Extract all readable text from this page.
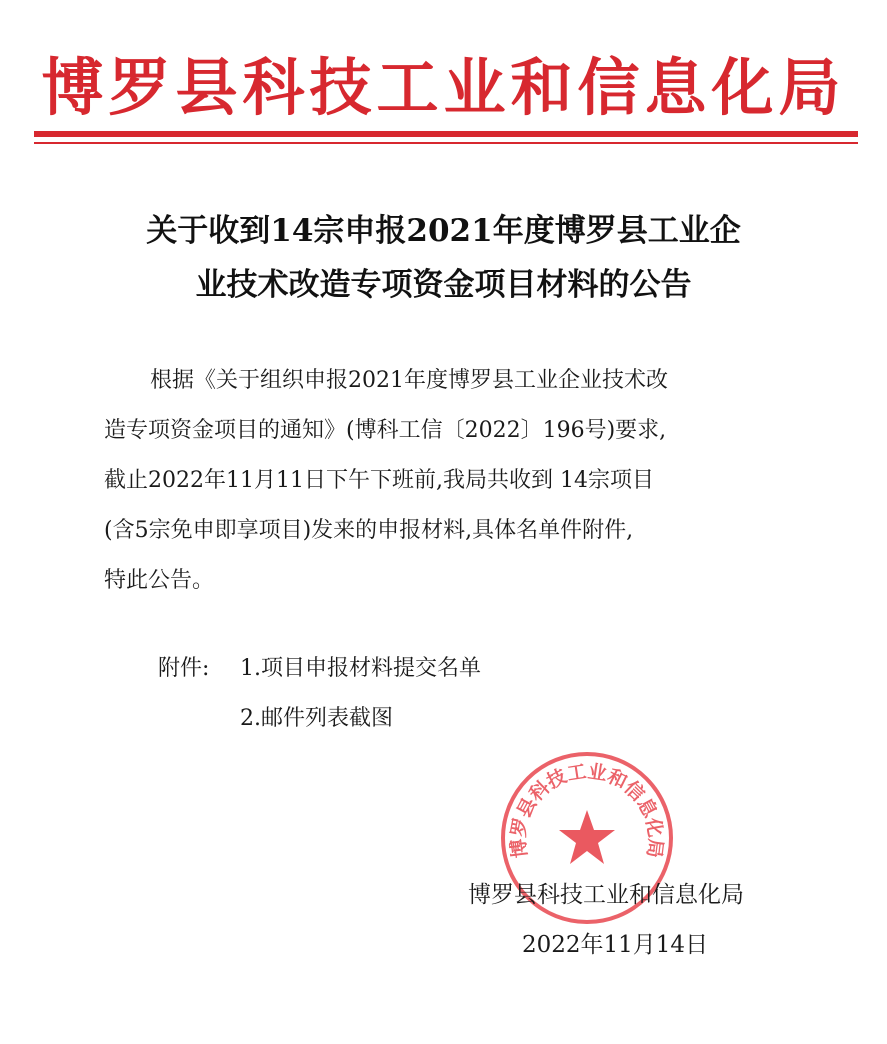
博罗县科技工业和信息化局
关于收到14宗申报2021年度博罗县工业企
业技术改造专项资金项目材料的公告
根据《关于组织申报2021年度博罗县工业企业技术改
造专项资金项目的通知》(博科工信〔2022〕196号)要求,
截止2022年11月11日下午下班前,我局共收到 14宗项目
(含5宗免申即享项目)发来的申报材料,具体名单件附件,
特此公告。
附件:	1.项目申报材料提交名单
2.邮件列表截图
博罗县科技工业和信息化局
博罗县科技工业和信息化局
2022年11月14日
